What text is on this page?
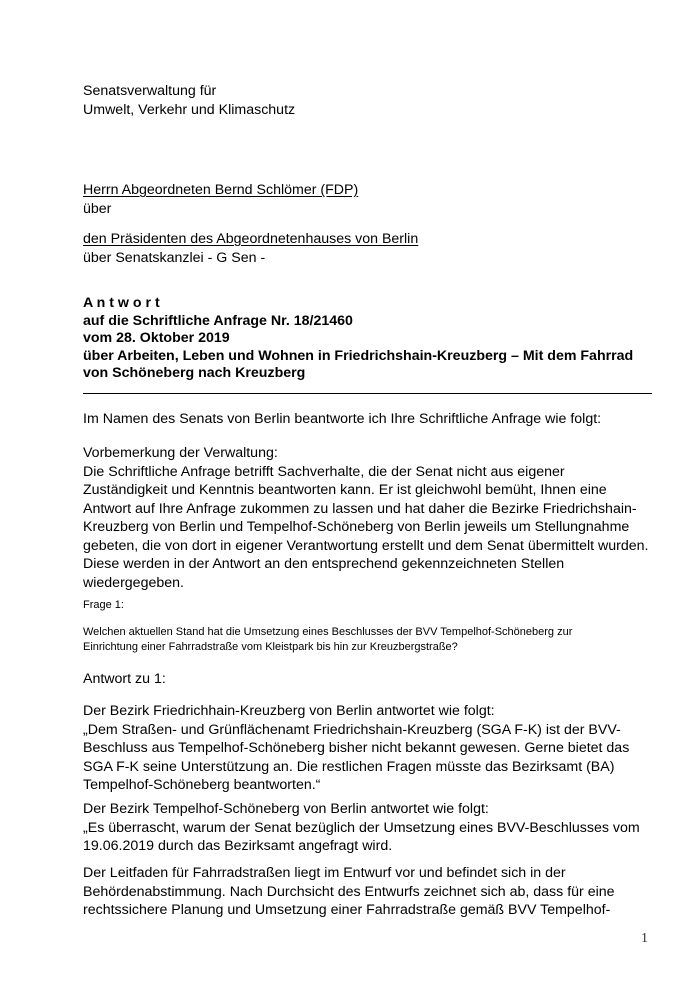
Senatsverwaltung für
Umwelt, Verkehr und Klimaschutz
Herrn Abgeordneten Bernd Schlömer (FDP)
über
den Präsidenten des Abgeordnetenhauses von Berlin
über Senatskanzlei - G Sen -
A n t w o r t
auf die Schriftliche Anfrage Nr. 18/21460
vom 28. Oktober 2019
über Arbeiten, Leben und Wohnen in Friedrichshain-Kreuzberg – Mit dem Fahrrad
von Schöneberg nach Kreuzberg
Im Namen des Senats von Berlin beantworte ich Ihre Schriftliche Anfrage wie folgt:
Vorbemerkung der Verwaltung:
Die Schriftliche Anfrage betrifft Sachverhalte, die der Senat nicht aus eigener
Zuständigkeit und Kenntnis beantworten kann. Er ist gleichwohl bemüht, Ihnen eine
Antwort auf Ihre Anfrage zukommen zu lassen und hat daher die Bezirke Friedrichshain-
Kreuzberg von Berlin und Tempelhof-Schöneberg von Berlin jeweils um Stellungnahme
gebeten, die von dort in eigener Verantwortung erstellt und dem Senat übermittelt wurden.
Diese werden in der Antwort an den entsprechend gekennzeichneten Stellen
wiedergegeben.
Frage 1:
Welchen aktuellen Stand hat die Umsetzung eines Beschlusses der BVV Tempelhof-Schöneberg zur
Einrichtung einer Fahrradstraße vom Kleistpark bis hin zur Kreuzbergstraße?
Antwort zu 1:
Der Bezirk Friedrichhain-Kreuzberg von Berlin antwortet wie folgt:
„Dem Straßen- und Grünflächenamt Friedrichshain-Kreuzberg (SGA F-K) ist der BVV-
Beschluss aus Tempelhof-Schöneberg bisher nicht bekannt gewesen. Gerne bietet das
SGA F-K seine Unterstützung an. Die restlichen Fragen müsste das Bezirksamt (BA)
Tempelhof-Schöneberg beantworten.“
Der Bezirk Tempelhof-Schöneberg von Berlin antwortet wie folgt:
„Es überrascht, warum der Senat bezüglich der Umsetzung eines BVV-Beschlusses vom
19.06.2019 durch das Bezirksamt angefragt wird.
Der Leitfaden für Fahrradstraßen liegt im Entwurf vor und befindet sich in der
Behördenabstimmung. Nach Durchsicht des Entwurfs zeichnet sich ab, dass für eine
rechtssichere Planung und Umsetzung einer Fahrradstraße gemäß BVV Tempelhof-
1
